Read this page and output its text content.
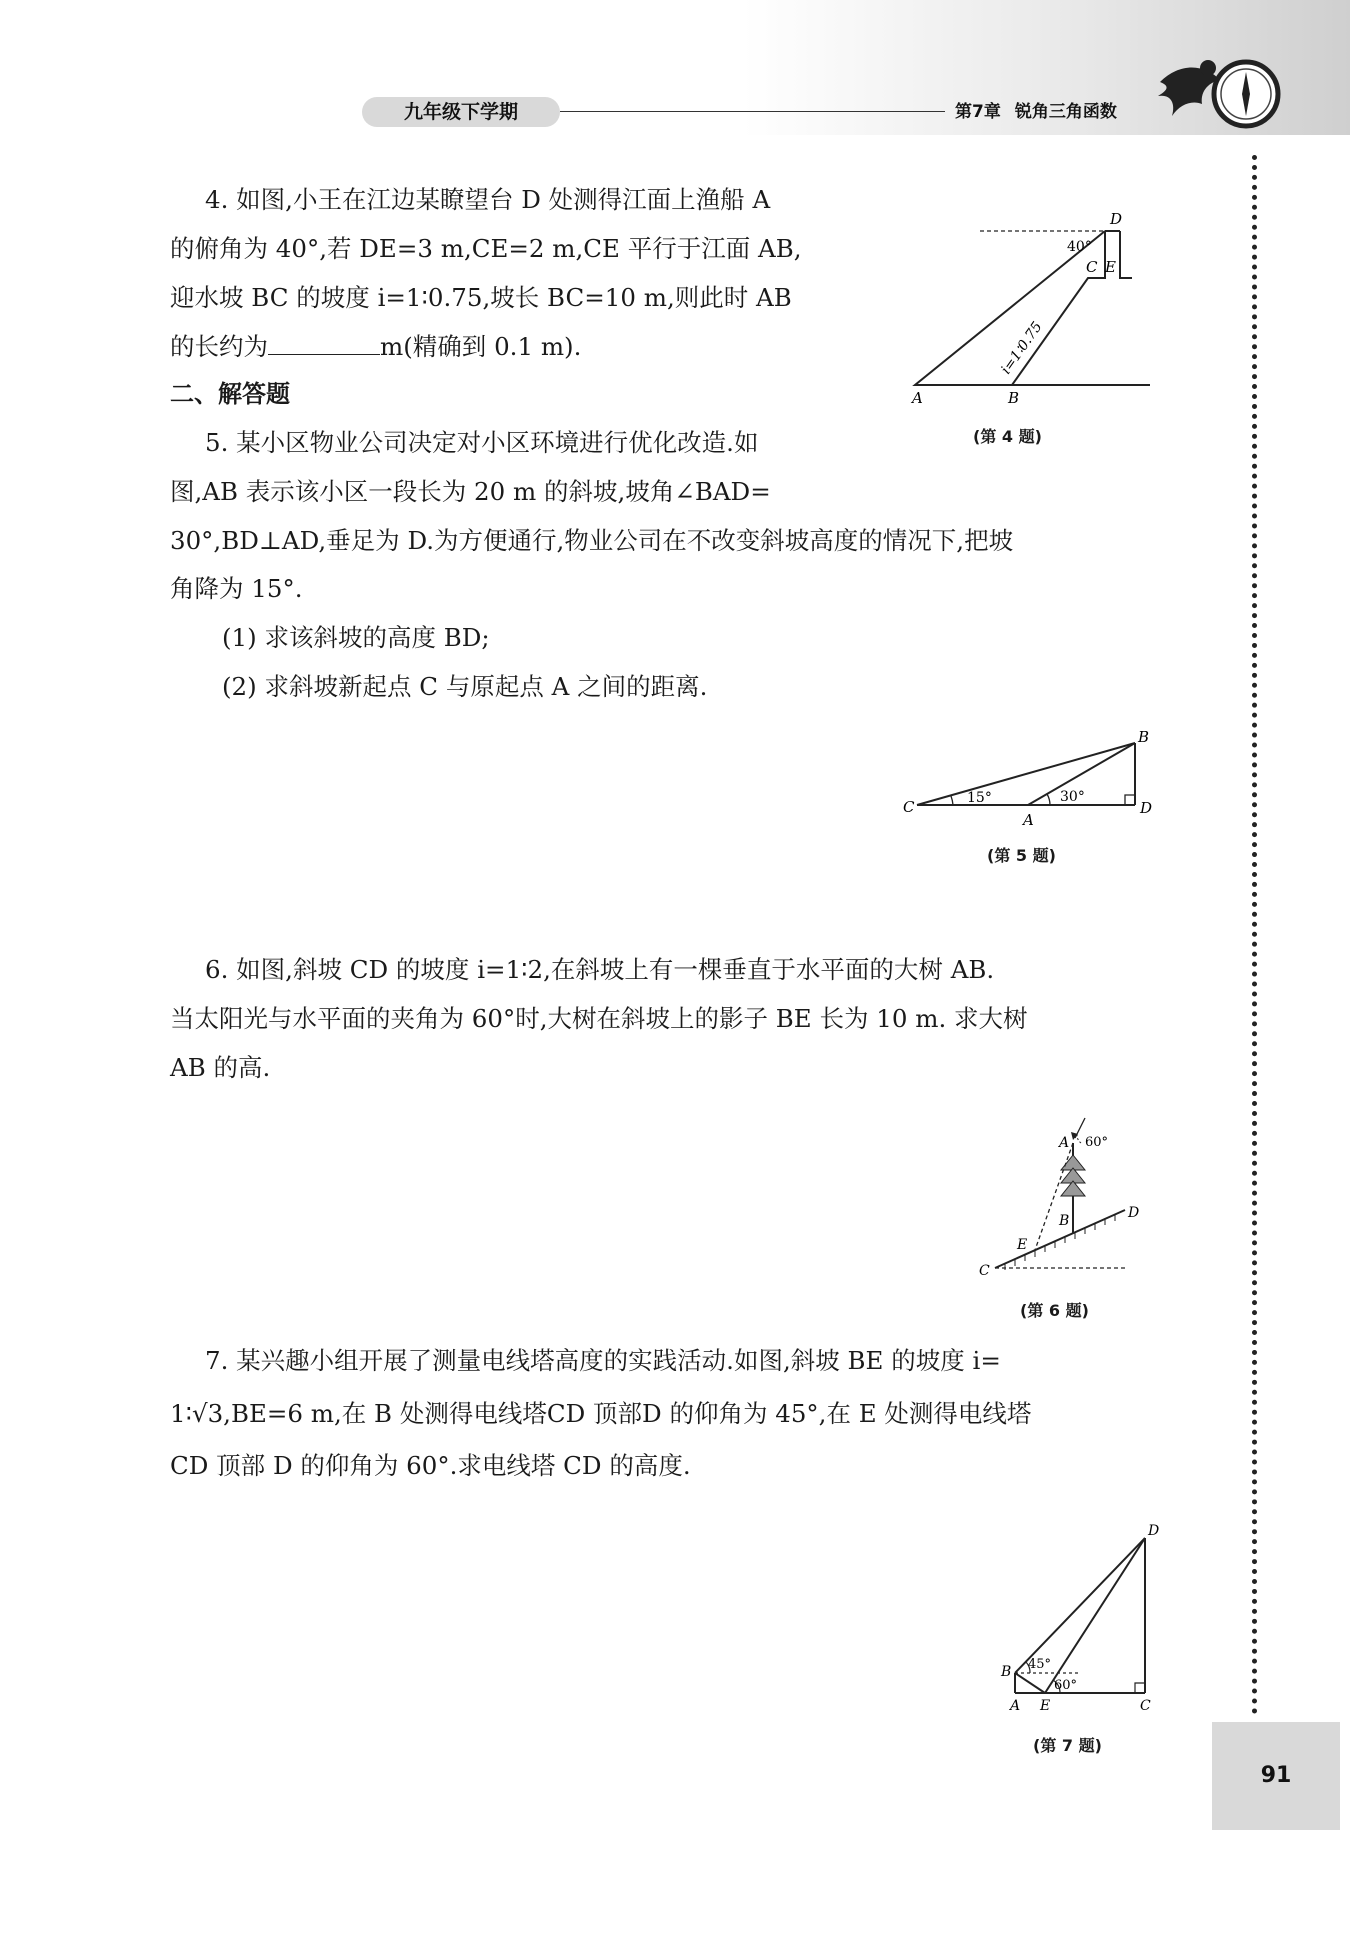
九年级下学期	第7章 锐角三角函数
91
4. 如图,小王在江边某瞭望台 D 处测得江面上渔船 A
的俯角为 40°,若 DE=3 m,CE=2 m,CE 平行于江面 AB,
迎水坡 BC 的坡度 i=1∶0.75,坡长 BC=10 m,则此时 AB
的长约为	m(精确到 0.1 m).
D
C E
A	B
40°
i=1∶0.75
(第 4 题)
二、解答题
5. 某小区物业公司决定对小区环境进行优化改造.如
图,AB 表示该小区一段长为 20 m 的斜坡,坡角∠BAD=
30°,BD⊥AD,垂足为 D.为方便通行,物业公司在不改变斜坡高度的情况下,把坡
角降为 15°.
(1) 求该斜坡的高度 BD;
(2) 求斜坡新起点 C 与原起点 A 之间的距离.
C
A
B
D
15°	30°
(第 5 题)
6. 如图,斜坡 CD 的坡度 i=1∶2,在斜坡上有一棵垂直于水平面的大树 AB.
当太阳光与水平面的夹角为 60°时,大树在斜坡上的影子 BE 长为 10 m. 求大树
AB 的高.
A
B
C
D
E
60°
(第 6 题)
7. 某兴趣小组开展了测量电线塔高度的实践活动.如图,斜坡 BE 的坡度 i=
1∶√3,BE=6 m,在 B 处测得电线塔CD 顶部D 的仰角为 45°,在 E 处测得电线塔
CD 顶部 D 的仰角为 60°.求电线塔 CD 的高度.
D
B
A E	C
45°
60°
(第 7 题)
